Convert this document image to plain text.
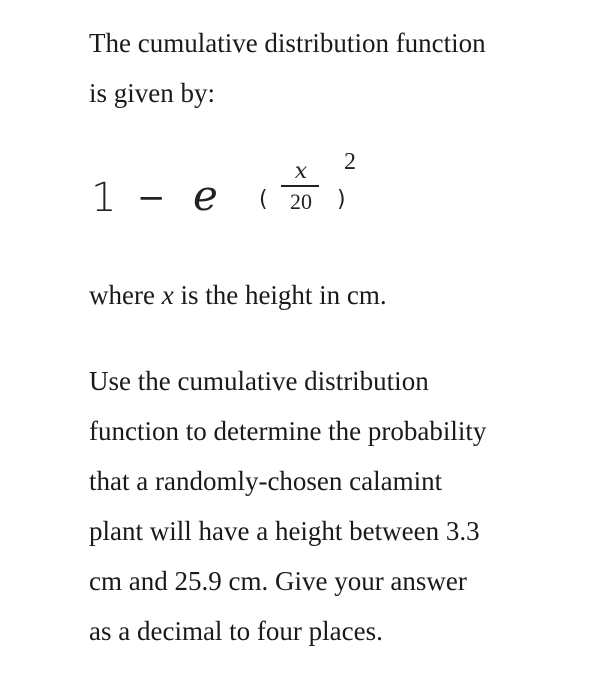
The cumulative distribution function
is given by:
1 − e (
x
20	)
2
where x is the height in cm.
Use the cumulative distribution
function to determine the probability
that a randomly-chosen calamint
plant will have a height between 3.3
cm and 25.9 cm. Give your answer
as a decimal to four places.
